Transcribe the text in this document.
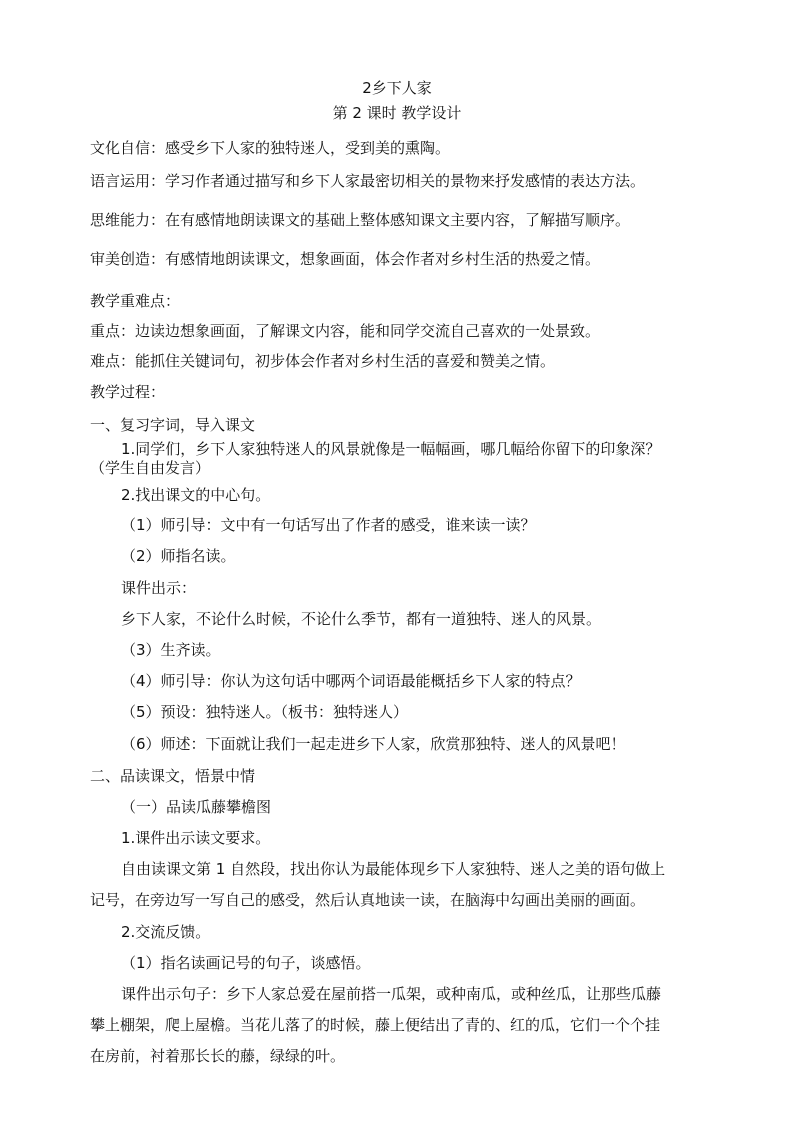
2乡下人家
第 2 课时 教学设计
文化自信：感受乡下人家的独特迷人，受到美的熏陶。
语言运用：学习作者通过描写和乡下人家最密切相关的景物来抒发感情的表达方法。
思维能力：在有感情地朗读课文的基础上整体感知课文主要内容，了解描写顺序。
审美创造：有感情地朗读课文，想象画面，体会作者对乡村生活的热爱之情。
教学重难点：
重点：边读边想象画面，了解课文内容，能和同学交流自己喜欢的一处景致。
难点：能抓住关键词句，初步体会作者对乡村生活的喜爱和赞美之情。
教学过程：
一、复习字词，导入课文
1.同学们，乡下人家独特迷人的风景就像是一幅幅画，哪几幅给你留下的印象深？
（学生自由发言）
2.找出课文的中心句。
（1）师引导：文中有一句话写出了作者的感受，谁来读一读？
（2）师指名读。
课件出示：
乡下人家，不论什么时候，不论什么季节，都有一道独特、迷人的风景。
（3）生齐读。
（4）师引导：你认为这句话中哪两个词语最能概括乡下人家的特点？
（5）预设：独特迷人。（板书：独特迷人）
（6）师述：下面就让我们一起走进乡下人家，欣赏那独特、迷人的风景吧！
二、品读课文，悟景中情
（一）品读瓜藤攀檐图
1.课件出示读文要求。
自由读课文第 1 自然段，找出你认为最能体现乡下人家独特、迷人之美的语句做上
记号，在旁边写一写自己的感受，然后认真地读一读，在脑海中勾画出美丽的画面。
2.交流反馈。
（1）指名读画记号的句子，谈感悟。
课件出示句子：乡下人家总爱在屋前搭一瓜架，或种南瓜，或种丝瓜，让那些瓜藤
攀上棚架，爬上屋檐。当花儿落了的时候，藤上便结出了青的、红的瓜，它们一个个挂
在房前，衬着那长长的藤，绿绿的叶。
